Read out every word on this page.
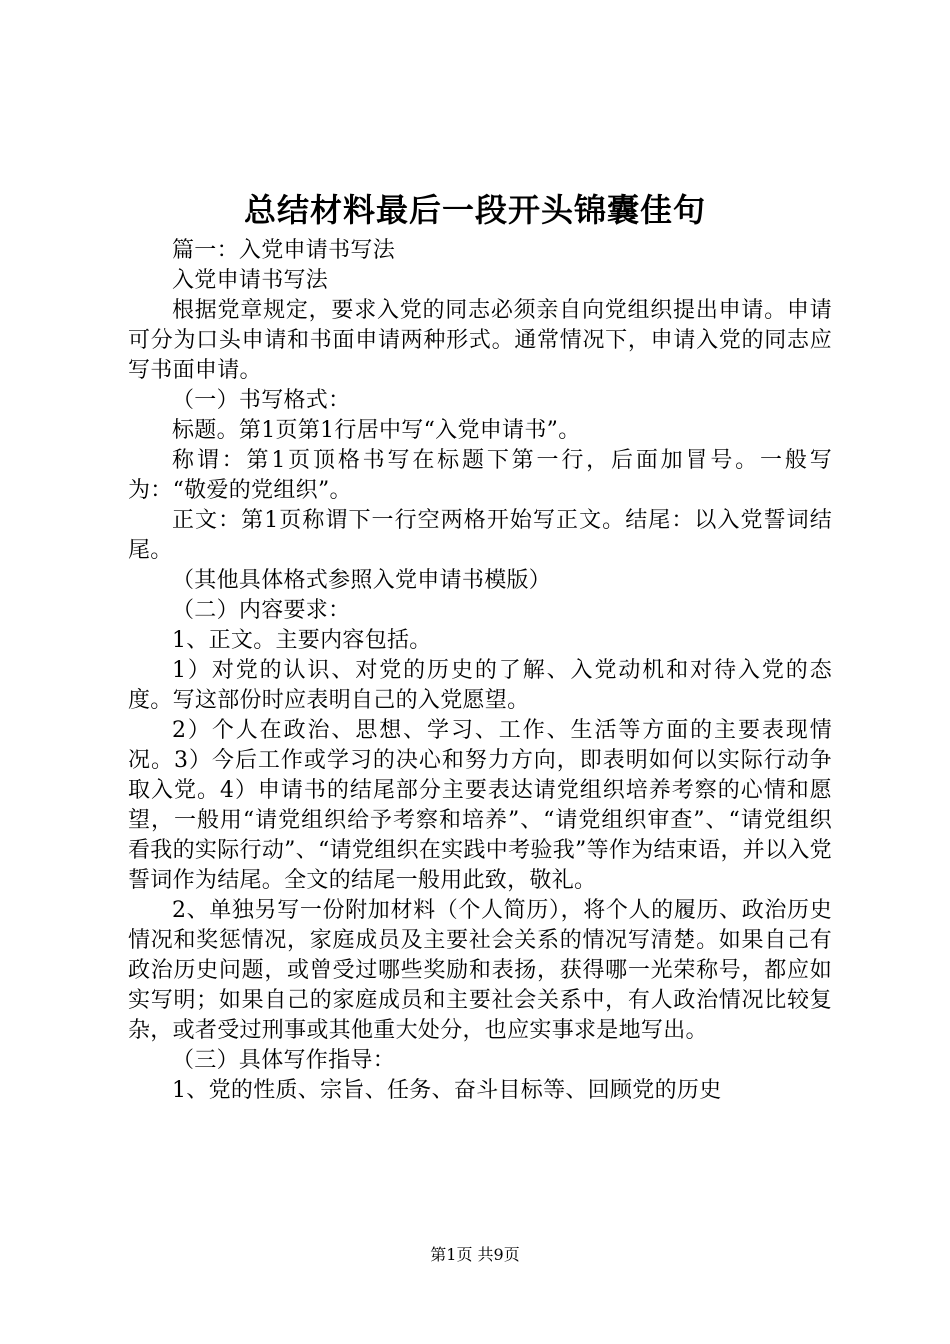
总结材料最后一段开头锦囊佳句

篇一：入党申请书写法

入党申请书写法

根据党章规定，要求入党的同志必须亲自向党组织提出申请。申请可分为口头申请和书面申请两种形式。通常情况下，申请入党的同志应写书面申请。

（一）书写格式：

标题。第1页第1行居中写“入党申请书”。

称谓：第1页顶格书写在标题下第一行，后面加冒号。一般写为：“敬爱的党组织”。

正文：第1页称谓下一行空两格开始写正文。结尾：以入党誓词结尾。

（其他具体格式参照入党申请书模版）

（二）内容要求：

1、正文。主要内容包括。

1）对党的认识、对党的历史的了解、入党动机和对待入党的态度。写这部份时应表明自己的入党愿望。

2）个人在政治、思想、学习、工作、生活等方面的主要表现情况。3）今后工作或学习的决心和努力方向，即表明如何以实际行动争取入党。4）申请书的结尾部分主要表达请党组织培养考察的心情和愿望，一般用“请党组织给予考察和培养”、“请党组织审查”、“请党组织看我的实际行动”、“请党组织在实践中考验我”等作为结束语，并以入党誓词作为结尾。全文的结尾一般用此致，敬礼。

2、单独另写一份附加材料（个人简历），将个人的履历、政治历史情况和奖惩情况，家庭成员及主要社会关系的情况写清楚。如果自己有政治历史问题，或曾受过哪些奖励和表扬，获得哪一光荣称号，都应如实写明；如果自己的家庭成员和主要社会关系中，有人政治情况比较复杂，或者受过刑事或其他重大处分，也应实事求是地写出。

（三）具体写作指导：

1、党的性质、宗旨、任务、奋斗目标等、回顾党的历史

第1页 共9页
